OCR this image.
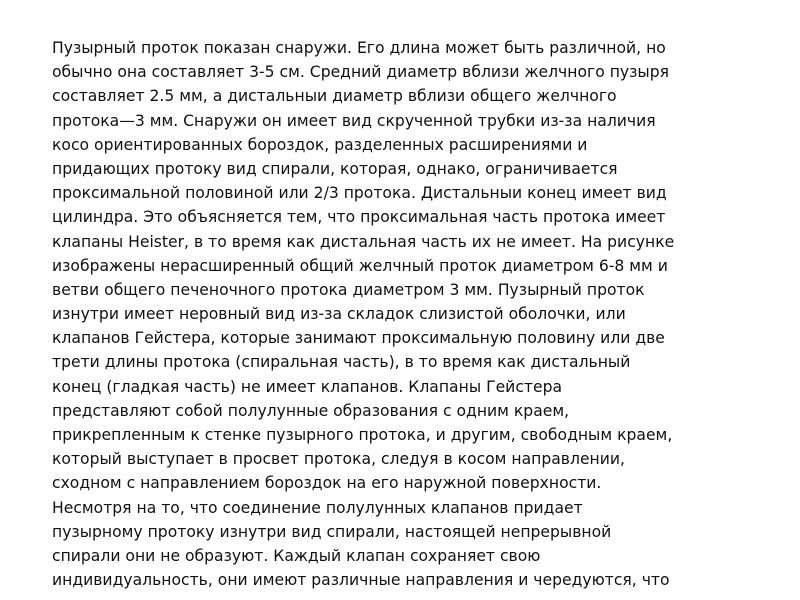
Пузырный проток показан снаружи. Его длина может быть различной, но
обычно она составляет 3-5 см. Средний диаметр вблизи желчного пузыря
составляет 2.5 мм, а дистальныи диаметр вблизи общего желчного
протока—3 мм. Снаружи он имеет вид скрученной трубки из-за наличия
косо ориентированных бороздок, разделенных расширениями и
придающих протоку вид спирали, которая, однако, ограничивается
проксимальной половиной или 2/3 протока. Дистальныи конец имеет вид
цилиндра. Это объясняется тем, что проксимальная часть протока имеет
клапаны Heister, в то время как дистальная часть их не имеет. На рисунке
изображены нерасширенный общий желчный проток диаметром 6-8 мм и
ветви общего печеночного протока диаметром 3 мм. Пузырный проток
изнутри имеет неровный вид из-за складок слизистой оболочки, или
клапанов Гейстера, которые занимают проксимальную половину или две
трети длины протока (спиральная часть), в то время как дистальный
конец (гладкая часть) не имеет клапанов. Клапаны Гейстера
представляют собой полулунные образования с одним краем,
прикрепленным к стенке пузырного протока, и другим, свободным краем,
который выступает в просвет протока, следуя в косом направлении,
сходном с направлением бороздок на его наружной поверхности.
Несмотря на то, что соединение полулунных клапанов придает
пузырному протоку изнутри вид спирали, настоящей непрерывной
спирали они не образуют. Каждый клапан сохраняет свою
индивидуальность, они имеют различные направления и чередуются, что
